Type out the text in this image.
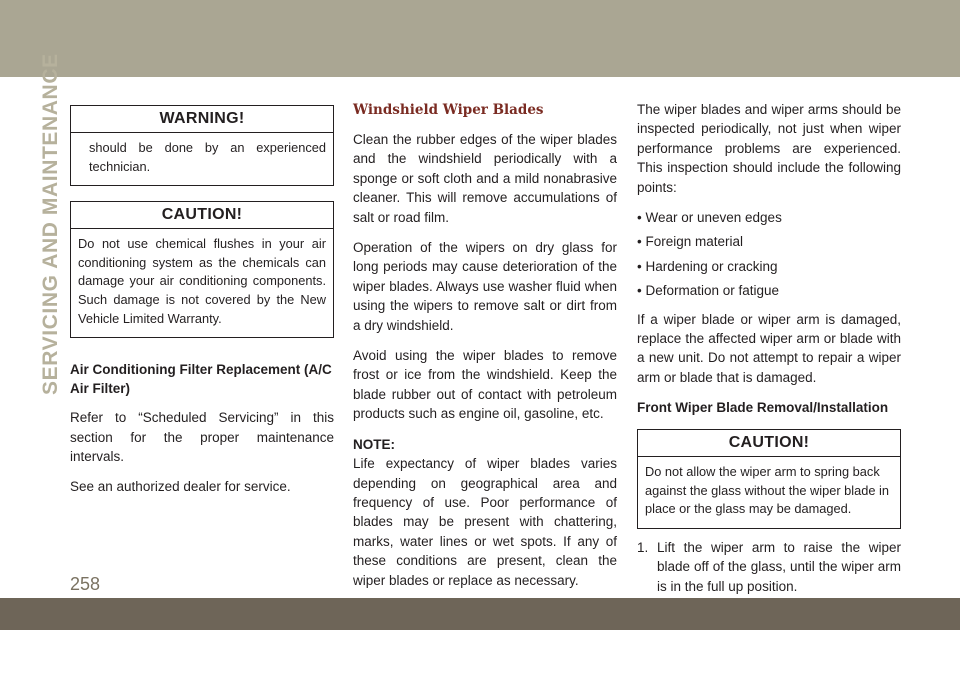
SERVICING AND MAINTENANCE	WARNING!
should be done by an experienced technician.
CAUTION!
Do not use chemical flushes in your air conditioning system as the chemicals can damage your air conditioning components. Such damage is not covered by the New Vehicle Limited Warranty.
Air Conditioning Filter Replacement (A/C Air Filter)

Refer to “Scheduled Servicing” in this section for the proper maintenance intervals.

See an authorized dealer for service.

Windshield Wiper Blades

Clean the rubber edges of the wiper blades and the windshield periodically with a sponge or soft cloth and a mild nonabrasive cleaner. This will remove accumulations of salt or road film.

Operation of the wipers on dry glass for long periods may cause deterioration of the wiper blades. Always use washer fluid when using the wipers to remove salt or dirt from a dry windshield.

Avoid using the wiper blades to remove frost or ice from the windshield. Keep the blade rubber out of contact with petroleum products such as engine oil, gasoline, etc.

NOTE:

Life expectancy of wiper blades varies depending on geographical area and frequency of use. Poor performance of blades may be present with chattering, marks, water lines or wet spots. If any of these conditions are present, clean the wiper blades or replace as necessary.

The wiper blades and wiper arms should be inspected periodically, not just when wiper performance problems are experienced. This inspection should include the following points:

• Wear or uneven edges

• Foreign material

• Hardening or cracking

• Deformation or fatigue

If a wiper blade or wiper arm is damaged, replace the affected wiper arm or blade with a new unit. Do not attempt to repair a wiper arm or blade that is damaged.

Front Wiper Blade Removal/Installation
CAUTION!
Do not allow the wiper arm to spring back against the glass without the wiper blade in place or the glass may be damaged.
1. Lift the wiper arm to raise the wiper blade off of the glass, until the wiper arm is in the full up position.
258
